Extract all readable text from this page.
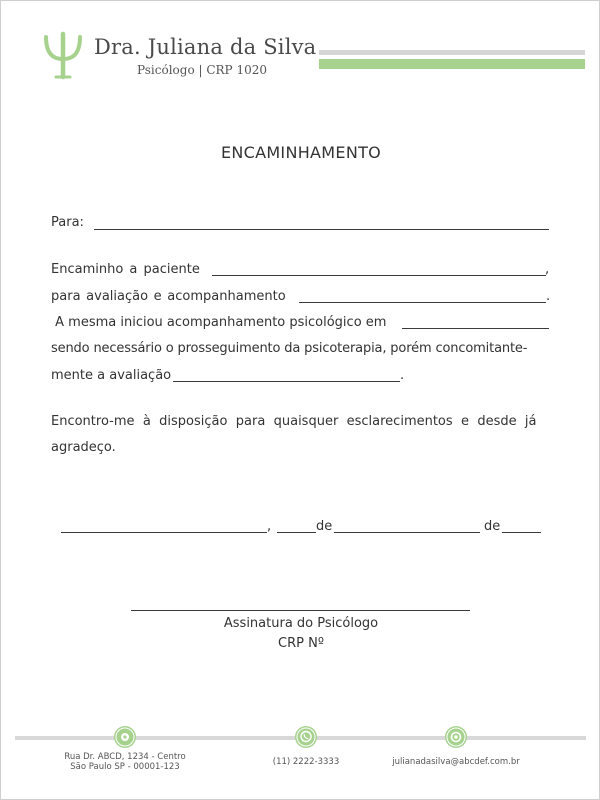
Dra. Juliana da Silva
Psicólogo | CRP 1020
ENCAMINHAMENTO
Para:
Encaminho a paciente	,
para avaliação e acompanhamento	.
A mesma iniciou acompanhamento psicológico em
sendo necessário o prosseguimento da psicoterapia, porém concomitante-
mente a avaliação	.
Encontro-me à disposição para quaisquer esclarecimentos e desde já
agradeço.
,	de	de
Assinatura do Psicólogo
CRP Nº
Rua Dr. ABCD, 1234 - Centro
São Paulo SP - 00001-123	(11) 2222-3333	julianadasilva@abcdef.com.br
